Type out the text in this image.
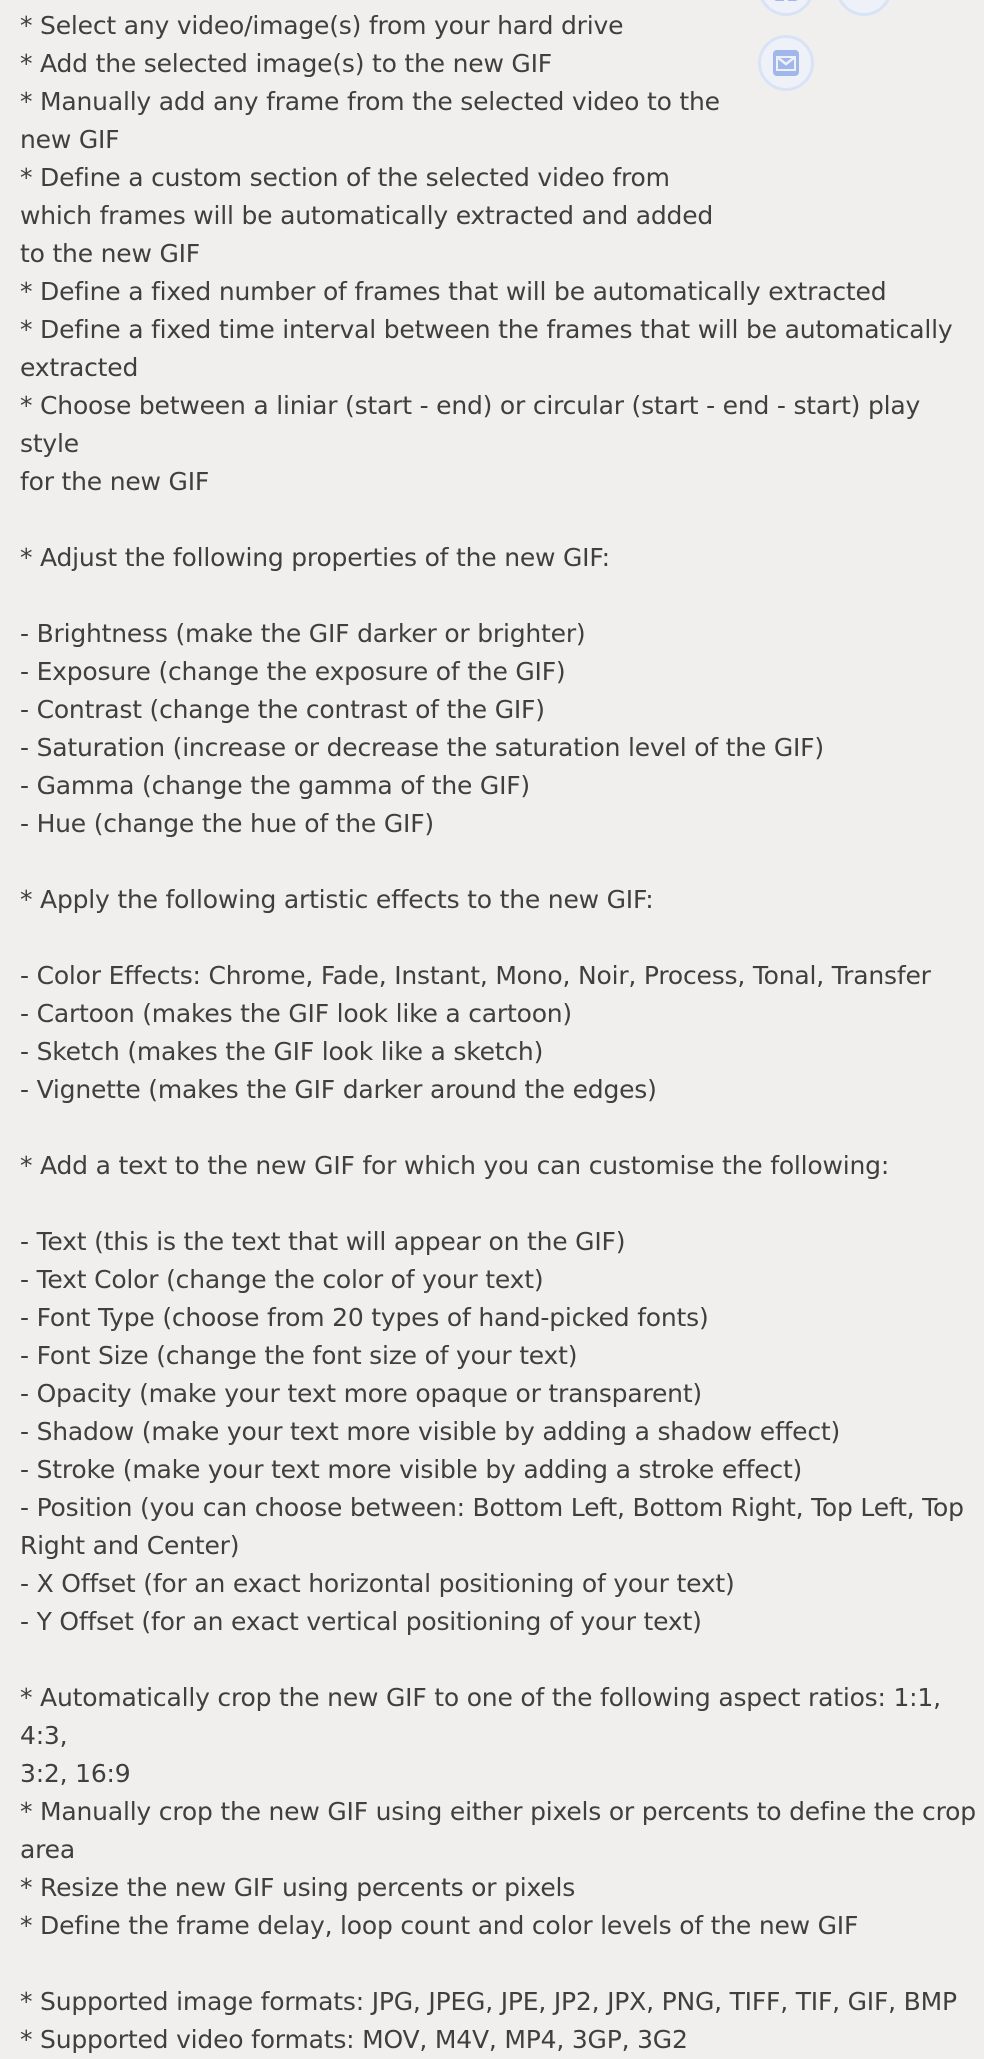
* Select any video/image(s) from your hard drive
* Add the selected image(s) to the new GIF
* Manually add any frame from the selected video to the
new GIF
* Define a custom section of the selected video from
which frames will be automatically extracted and added
to the new GIF
* Define a fixed number of frames that will be automatically extracted
* Define a fixed time interval between the frames that will be automatically
extracted
* Choose between a liniar (start - end) or circular (start - end - start) play style
for the new GIF
* Adjust the following properties of the new GIF:
- Brightness (make the GIF darker or brighter)
- Exposure (change the exposure of the GIF)
- Contrast (change the contrast of the GIF)
- Saturation (increase or decrease the saturation level of the GIF)
- Gamma (change the gamma of the GIF)
- Hue (change the hue of the GIF)
* Apply the following artistic effects to the new GIF:
- Color Effects: Chrome, Fade, Instant, Mono, Noir, Process, Tonal, Transfer
- Cartoon (makes the GIF look like a cartoon)
- Sketch (makes the GIF look like a sketch)
- Vignette (makes the GIF darker around the edges)
* Add a text to the new GIF for which you can customise the following:
- Text (this is the text that will appear on the GIF)
- Text Color (change the color of your text)
- Font Type (choose from 20 types of hand-picked fonts)
- Font Size (change the font size of your text)
- Opacity (make your text more opaque or transparent)
- Shadow (make your text more visible by adding a shadow effect)
- Stroke (make your text more visible by adding a stroke effect)
- Position (you can choose between: Bottom Left, Bottom Right, Top Left, Top
Right and Center)
- X Offset (for an exact horizontal positioning of your text)
- Y Offset (for an exact vertical positioning of your text)
* Automatically crop the new GIF to one of the following aspect ratios: 1:1, 4:3,
3:2, 16:9
* Manually crop the new GIF using either pixels or percents to define the crop
area
* Resize the new GIF using percents or pixels
* Define the frame delay, loop count and color levels of the new GIF
* Supported image formats: JPG, JPEG, JPE, JP2, JPX, PNG, TIFF, TIF, GIF, BMP
* Supported video formats: MOV, M4V, MP4, 3GP, 3G2
